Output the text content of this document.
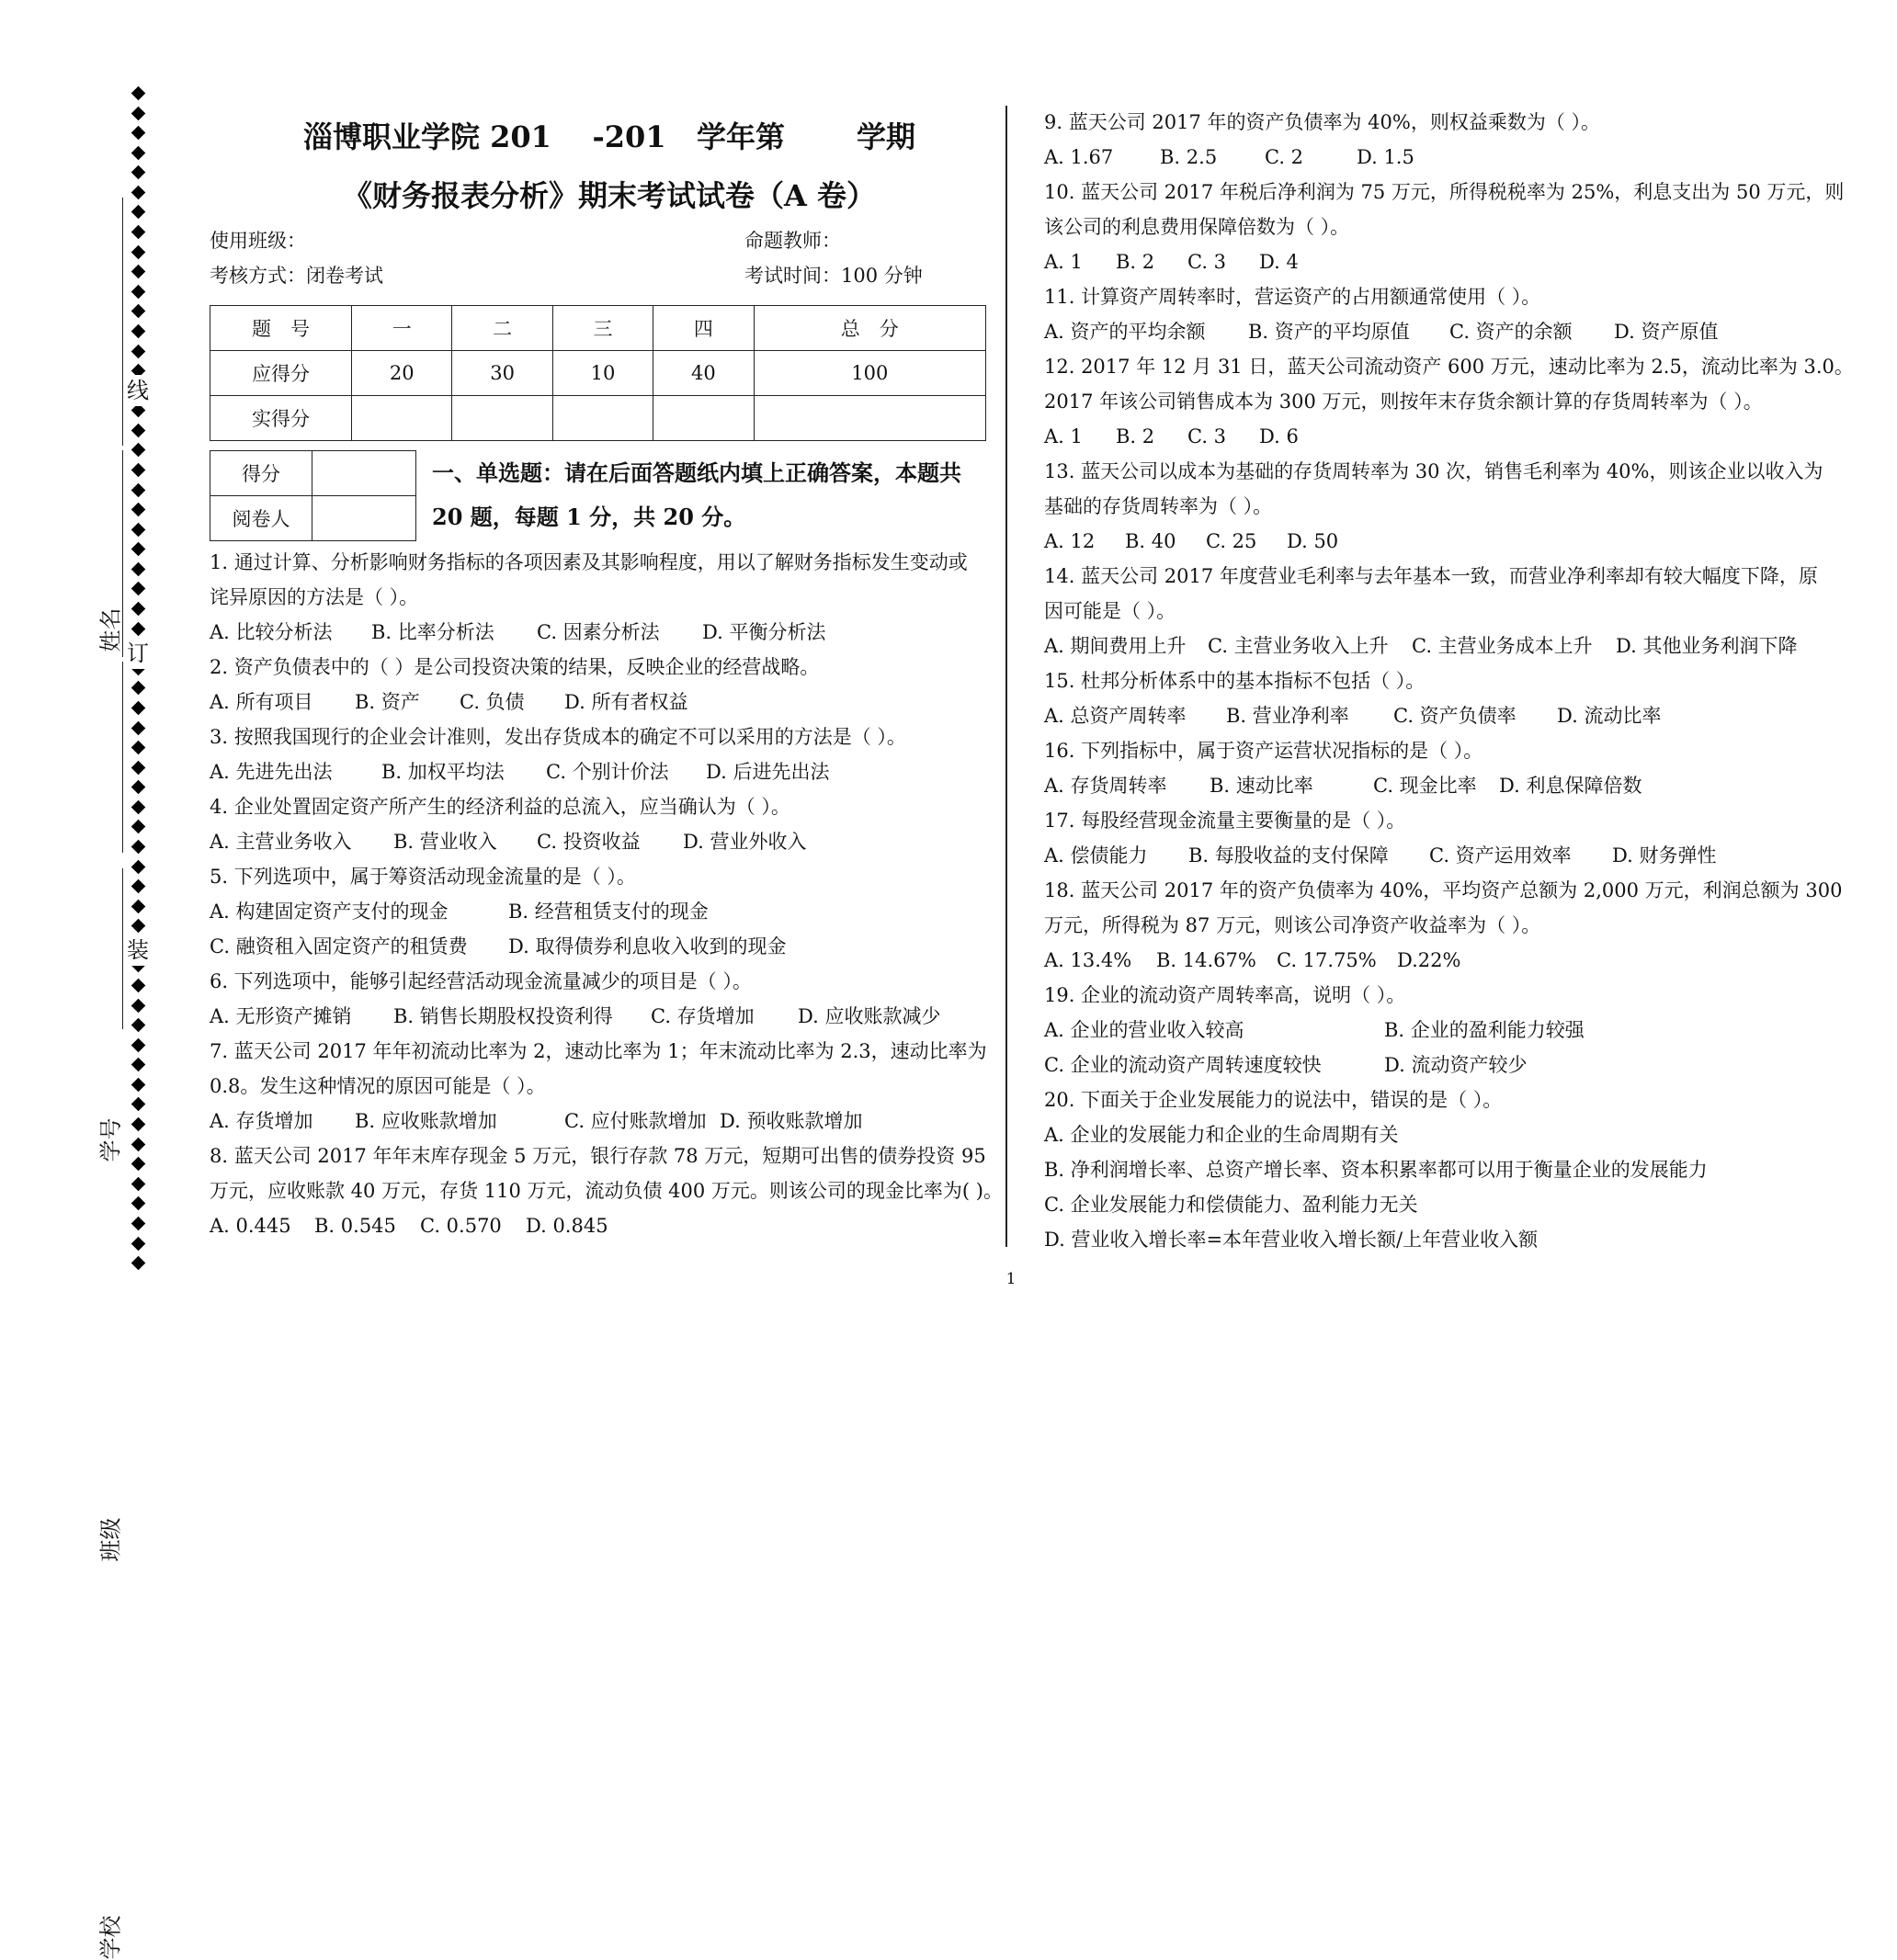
线
订
装
姓名
学号
班级
学校
淄博职业学院 201    -201   学年第       学期
《财务报表分析》期末考试试卷（A 卷）
使用班级：	命题教师：
考核方式：闭卷考试	考试时间：100 分钟
题　号	一	二	三	四	总　分
应得分	20	30	10	40	100
实得分					
得分	
阅卷人	
一、单选题：请在后面答题纸内填上正确答案，本题共
20 题，每题 1 分，共 20 分。
1. 通过计算、分析影响财务指标的各项因素及其影响程度，用以了解财务指标发生变动或
诧异原因的方法是（ ）。
A. 比较分析法 B. 比率分析法 C. 因素分析法 D. 平衡分析法
2. 资产负债表中的（ ）是公司投资决策的结果，反映企业的经营战略。
A. 所有项目 B. 资产 C. 负债 D. 所有者权益
3. 按照我国现行的企业会计准则，发出存货成本的确定不可以采用的方法是（ ）。
A. 先进先出法	B. 加权平均法 C. 个别计价法 D. 后进先出法
4. 企业处置固定资产所产生的经济利益的总流入，应当确认为（ ）。
A. 主营业务收入 B. 营业收入 C. 投资收益 D. 营业外收入
5. 下列选项中，属于筹资活动现金流量的是（ ）。
A. 构建固定资产支付的现金	B. 经营租赁支付的现金
C. 融资租入固定资产的租赁费 D. 取得债券利息收入收到的现金
6. 下列选项中，能够引起经营活动现金流量减少的项目是（ ）。
A. 无形资产摊销 B. 销售长期股权投资利得 C. 存货增加 D. 应收账款减少
7. 蓝天公司 2017 年年初流动比率为 2，速动比率为 1；年末流动比率为 2.3，速动比率为
0.8。发生这种情况的原因可能是（ ）。
A. 存货增加 B. 应收账款增加	C. 应付账款增加 D. 预收账款增加
8. 蓝天公司 2017 年年末库存现金 5 万元，银行存款 78 万元，短期可出售的债券投资 95
万元，应收账款 40 万元，存货 110 万元，流动负债 400 万元。则该公司的现金比率为( )。
A. 0.445 B. 0.545 C. 0.570 D. 0.845
9. 蓝天公司 2017 年的资产负债率为 40%，则权益乘数为（ ）。
A. 1.67 B. 2.5 C. 2	D. 1.5
10. 蓝天公司 2017 年税后净利润为 75 万元，所得税税率为 25%，利息支出为 50 万元，则
该公司的利息费用保障倍数为（ ）。
A. 1 B. 2 C. 3 D. 4
11. 计算资产周转率时，营运资产的占用额通常使用（ ）。
A. 资产的平均余额 B. 资产的平均原值 C. 资产的余额 D. 资产原值
12. 2017 年 12 月 31 日，蓝天公司流动资产 600 万元，速动比率为 2.5，流动比率为 3.0。
2017 年该公司销售成本为 300 万元，则按年末存货余额计算的存货周转率为（ ）。
A. 1 B. 2 C. 3 D. 6
13. 蓝天公司以成本为基础的存货周转率为 30 次，销售毛利率为 40%，则该企业以收入为
基础的存货周转率为（ ）。
A. 12 B. 40 C. 25 D. 50
14. 蓝天公司 2017 年度营业毛利率与去年基本一致，而营业净利率却有较大幅度下降，原
因可能是（ ）。
A. 期间费用上升 C. 主营业务收入上升 C. 主营业务成本上升 D. 其他业务利润下降
15. 杜邦分析体系中的基本指标不包括（ ）。
A. 总资产周转率 B. 营业净利率 C. 资产负债率 D. 流动比率
16. 下列指标中，属于资产运营状况指标的是（ ）。
A. 存货周转率 B. 速动比率	C. 现金比率 D. 利息保障倍数
17. 每股经营现金流量主要衡量的是（ ）。
A. 偿债能力 B. 每股收益的支付保障 C. 资产运用效率 D. 财务弹性
18. 蓝天公司 2017 年的资产负债率为 40%，平均资产总额为 2,000 万元，利润总额为 300
万元，所得税为 87 万元，则该公司净资产收益率为（ ）。
A. 13.4% B. 14.67% C. 17.75% D.22%
19. 企业的流动资产周转率高，说明（ ）。
A. 企业的营业收入较高	B. 企业的盈利能力较强
C. 企业的流动资产周转速度较快	D. 流动资产较少
20. 下面关于企业发展能力的说法中，错误的是（ ）。
A. 企业的发展能力和企业的生命周期有关
B. 净利润增长率、总资产增长率、资本积累率都可以用于衡量企业的发展能力
C. 企业发展能力和偿债能力、盈利能力无关
D. 营业收入增长率=本年营业收入增长额/上年营业收入额
1
